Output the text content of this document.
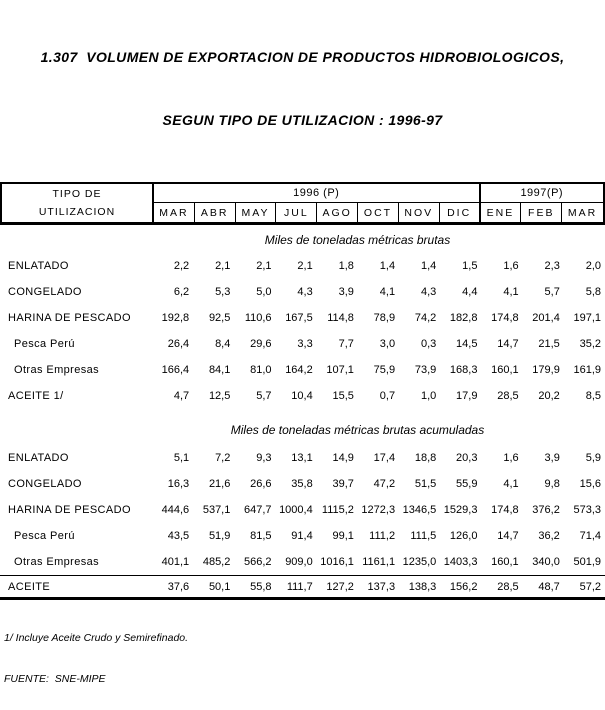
1.307  VOLUMEN DE EXPORTACION DE PRODUCTOS HIDROBIOLOGICOS,

SEGUN TIPO DE UTILIZACION : 1996-97

TIPO DE
UTILIZACION
1996 (P)
MAR	ABR	MAY	JUL	AGO	OCT	NOV	DIC
1997(P)
ENE	FEB	MAR
Miles de toneladas métricas brutas
ENLATADO	2,2	2,1	2,1	2,1	1,8	1,4	1,4	1,5	1,6	2,3	2,0
CONGELADO	6,2	5,3	5,0	4,3	3,9	4,1	4,3	4,4	4,1	5,7	5,8
HARINA DE PESCADO	192,8	92,5	110,6	167,5	114,8	78,9	74,2	182,8	174,8	201,4	197,1
Pesca Perú	26,4	8,4	29,6	3,3	7,7	3,0	0,3	14,5	14,7	21,5	35,2
Otras Empresas	166,4	84,1	81,0	164,2	107,1	75,9	73,9	168,3	160,1	179,9	161,9
ACEITE 1/	4,7	12,5	5,7	10,4	15,5	0,7	1,0	17,9	28,5	20,2	8,5
Miles de toneladas métricas brutas acumuladas
ENLATADO	5,1	7,2	9,3	13,1	14,9	17,4	18,8	20,3	1,6	3,9	5,9
CONGELADO	16,3	21,6	26,6	35,8	39,7	47,2	51,5	55,9	4,1	9,8	15,6
HARINA DE PESCADO	444,6	537,1	647,7 1000,4 1115,2 1272,3 1346,5 1529,3	174,8	376,2	573,3
Pesca Perú	43,5	51,9	81,5	91,4	99,1	111,2	111,5	126,0	14,7	36,2	71,4
Otras Empresas	401,1	485,2	566,2	909,0 1016,1 1161,1 1235,0 1403,3	160,1	340,0	501,9
ACEITE	37,6	50,1	55,8	111,7	127,2	137,3	138,3	156,2	28,5	48,7	57,2

1/ Incluye Aceite Crudo y Semirefinado.

FUENTE:  SNE-MIPE
